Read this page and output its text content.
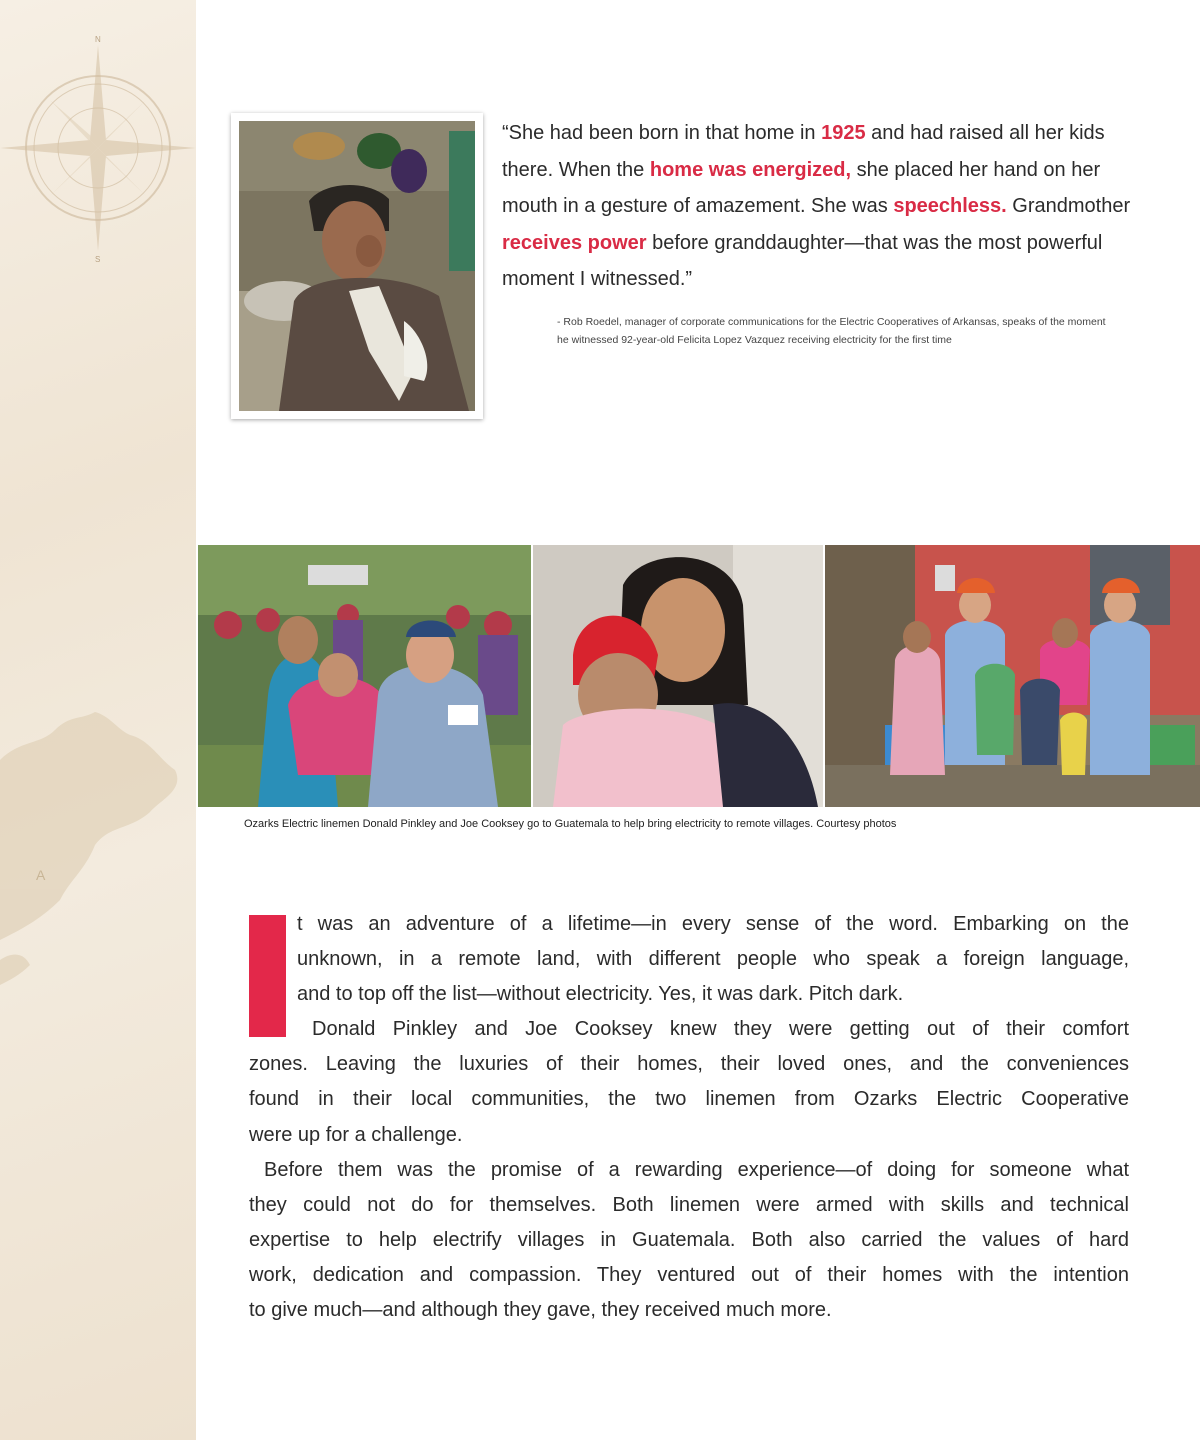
N
S
A
“She had been born in that home in 1925 and had raised all her kids there. When the home was energized, she placed her hand on her mouth in a gesture of amazement. She was speechless. Grandmother receives power before granddaughter—that was the most powerful moment I witnessed.”
- Rob Roedel, manager of corporate communications for the Electric Cooperatives of Arkansas, speaks of the moment he witnessed 92-year-old Felicita Lopez Vazquez receiving electricity for the first time
Ozarks Electric linemen Donald Pinkley and Joe Cooksey go to Guatemala to help bring electricity to remote villages. Courtesy photos
t was an adventure of a lifetime—in every sense of the word. Embarking on the
unknown, in a remote land, with different people who speak a foreign language,
and to top off the list—without electricity. Yes, it was dark. Pitch dark.
Donald Pinkley and Joe Cooksey knew they were getting out of their comfort
zones. Leaving the luxuries of their homes, their loved ones, and the conveniences
found in their local communities, the two linemen from Ozarks Electric Cooperative
were up for a challenge.
Before them was the promise of a rewarding experience—of doing for someone what
they could not do for themselves. Both linemen were armed with skills and technical
expertise to help electrify villages in Guatemala. Both also carried the values of hard
work, dedication and compassion. They ventured out of their homes with the intention
to give much—and although they gave, they received much more.
